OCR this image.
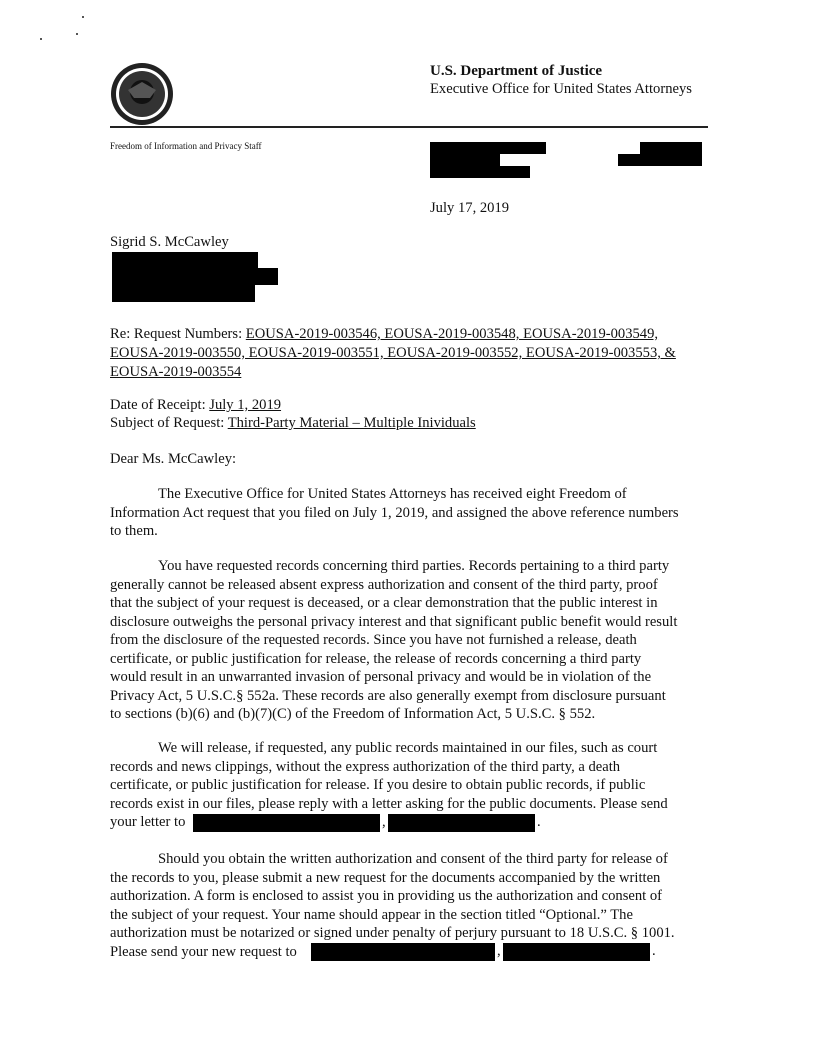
U.S. Department of Justice
Executive Office for United States Attorneys
Freedom of Information and Privacy Staff
July 17, 2019
Sigrid S. McCawley
Re: Request Numbers: EOUSA-2019-003546, EOUSA-2019-003548, EOUSA-2019-003549,
EOUSA-2019-003550, EOUSA-2019-003551, EOUSA-2019-003552, EOUSA-2019-003553, &
EOUSA-2019-003554
Date of Receipt: July 1, 2019
Subject of Request: Third-Party Material – Multiple Inividuals
Dear Ms. McCawley:
The Executive Office for United States Attorneys has received eight Freedom of
Information Act request that you filed on July 1, 2019, and assigned the above reference numbers
to them.
You have requested records concerning third parties. Records pertaining to a third party
generally cannot be released absent express authorization and consent of the third party, proof
that the subject of your request is deceased, or a clear demonstration that the public interest in
disclosure outweighs the personal privacy interest and that significant public benefit would result
from the disclosure of the requested records. Since you have not furnished a release, death
certificate, or public justification for release, the release of records concerning a third party
would result in an unwarranted invasion of personal privacy and would be in violation of the
Privacy Act, 5 U.S.C.§ 552a. These records are also generally exempt from disclosure pursuant
to sections (b)(6) and (b)(7)(C) of the Freedom of Information Act, 5 U.S.C. § 552.
We will release, if requested, any public records maintained in our files, such as court
records and news clippings, without the express authorization of the third party, a death
certificate, or public justification for release. If you desire to obtain public records, if public
records exist in our files, please reply with a letter asking for the public documents. Please send
your letter to
Should you obtain the written authorization and consent of the third party for release of
the records to you, please submit a new request for the documents accompanied by the written
authorization. A form is enclosed to assist you in providing us the authorization and consent of
the subject of your request. Your name should appear in the section titled “Optional.” The
authorization must be notarized or signed under penalty of perjury pursuant to 18 U.S.C. § 1001.
Please send your new request to
,	.
,	.
